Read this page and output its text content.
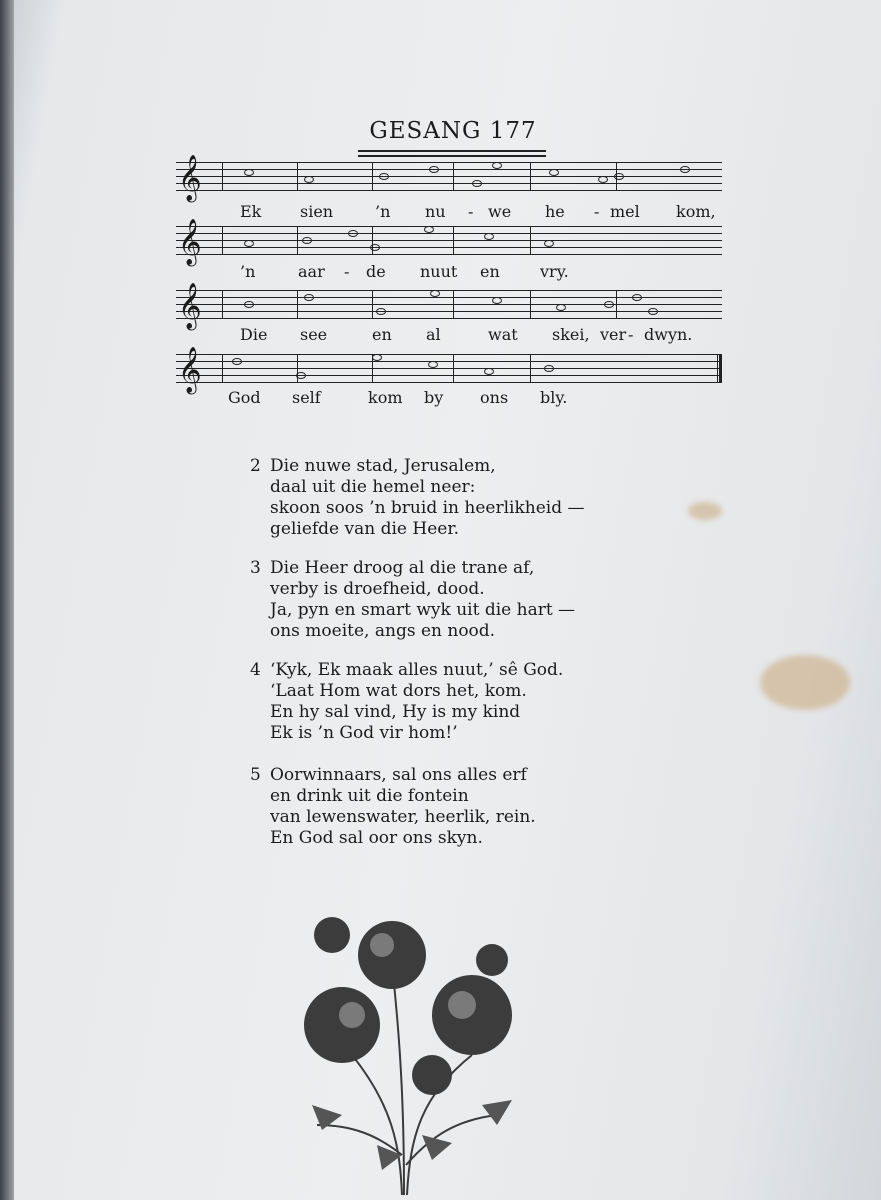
GESANG 177
𝄞
Ek sien	’n nu - we he - mel kom,
𝄞
’n	aar - de nuut en	vry.
𝄞
Die see	en al	wat skei, ver - dwyn.
𝄞
God self	kom by ons bly.
2 Die nuwe stad, Jerusalem,
daal uit die hemel neer:
skoon soos ’n bruid in heerlikheid —
geliefde van die Heer.
3 Die Heer droog al die trane af,
verby is droefheid, dood.
Ja, pyn en smart wyk uit die hart —
ons moeite, angs en nood.
4 ‘Kyk, Ek maak alles nuut,’ sê God.
‘Laat Hom wat dors het, kom.
En hy sal vind, Hy is my kind
Ek is ’n God vir hom!’
5 Oorwinnaars, sal ons alles erf
en drink uit die fontein
van lewenswater, heerlik, rein.
En God sal oor ons skyn.
